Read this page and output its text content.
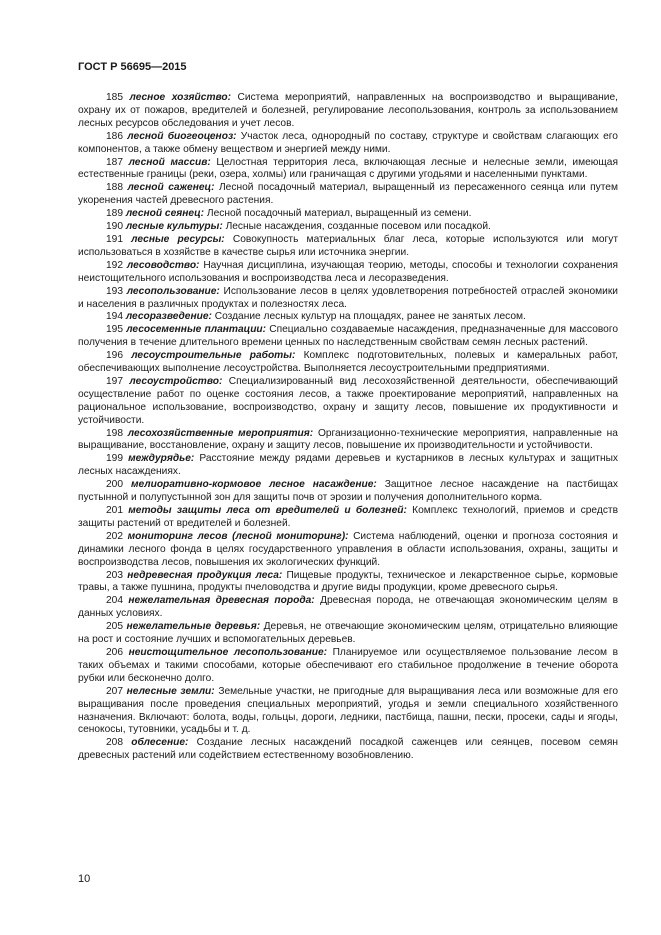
ГОСТ Р 56695—2015

185 лесное хозяйство: Система мероприятий, направленных на воспроизводство и выращивание, охрану их от пожаров, вредителей и болезней, регулирование лесопользования, контроль за использованием лесных ресурсов обследования и учет лесов.

186 лесной биогеоценоз: Участок леса, однородный по составу, структуре и свойствам слагающих его компонентов, а также обмену веществом и энергией между ними.

187 лесной массив: Целостная территория леса, включающая лесные и нелесные земли, имеющая естественные границы (реки, озера, холмы) или граничащая с другими угодьями и населенными пунктами.

188 лесной саженец: Лесной посадочный материал, выращенный из пересаженного сеянца или путем укоренения частей древесного растения.

189 лесной сеянец: Лесной посадочный материал, выращенный из семени.

190 лесные культуры: Лесные насаждения, созданные посевом или посадкой.

191 лесные ресурсы: Совокупность материальных благ леса, которые используются или могут использоваться в хозяйстве в качестве сырья или источника энергии.

192 лесоводство: Научная дисциплина, изучающая теорию, методы, способы и технологии сохранения неистощительного использования и воспроизводства леса и лесоразведения.

193 лесопользование: Использование лесов в целях удовлетворения потребностей отраслей экономики и населения в различных продуктах и полезностях леса.

194 лесоразведение: Создание лесных культур на площадях, ранее не занятых лесом.

195 лесосеменные плантации: Специально создаваемые насаждения, предназначенные для массового получения в течение длительного времени ценных по наследственным свойствам семян лесных растений.

196 лесоустроительные работы: Комплекс подготовительных, полевых и камеральных работ, обеспечивающих выполнение лесоустройства. Выполняется лесоустроительными предприятиями.

197 лесоустройство: Специализированный вид лесохозяйственной деятельности, обеспечивающий осуществление работ по оценке состояния лесов, а также проектирование мероприятий, направленных на рациональное использование, воспроизводство, охрану и защиту лесов, повышение их продуктивности и устойчивости.

198 лесохозяйственные мероприятия: Организационно-технические мероприятия, направленные на выращивание, восстановление, охрану и защиту лесов, повышение их производительности и устойчивости.

199 междурядье: Расстояние между рядами деревьев и кустарников в лесных культурах и защитных лесных насаждениях.

200 мелиоративно-кормовое лесное насаждение: Защитное лесное насаждение на пастбищах пустынной и полупустынной зон для защиты почв от эрозии и получения дополнительного корма.

201 методы защиты леса от вредителей и болезней: Комплекс технологий, приемов и средств защиты растений от вредителей и болезней.

202 мониторинг лесов (лесной мониторинг): Система наблюдений, оценки и прогноза состояния и динамики лесного фонда в целях государственного управления в области использования, охраны, защиты и воспроизводства лесов, повышения их экологических функций.

203 недревесная продукция леса: Пищевые продукты, техническое и лекарственное сырье, кормовые травы, а также пушнина, продукты пчеловодства и другие виды продукции, кроме древесного сырья.

204 нежелательная древесная порода: Древесная порода, не отвечающая экономическим целям в данных условиях.

205 нежелательные деревья: Деревья, не отвечающие экономическим целям, отрицательно влияющие на рост и состояние лучших и вспомогательных деревьев.

206 неистощительное лесопользование: Планируемое или осуществляемое пользование лесом в таких объемах и такими способами, которые обеспечивают его стабильное продолжение в течение оборота рубки или бесконечно долго.

207 нелесные земли: Земельные участки, не пригодные для выращивания леса или возможные для его выращивания после проведения специальных мероприятий, угодья и земли специального хозяйственного назначения. Включают: болота, воды, гольцы, дороги, ледники, пастбища, пашни, пески, просеки, сады и ягоды, сенокосы, тутовники, усадьбы и т. д.

208 облесение: Создание лесных насаждений посадкой саженцев или сеянцев, посевом семян древесных растений или содействием естественному возобновлению.

10
